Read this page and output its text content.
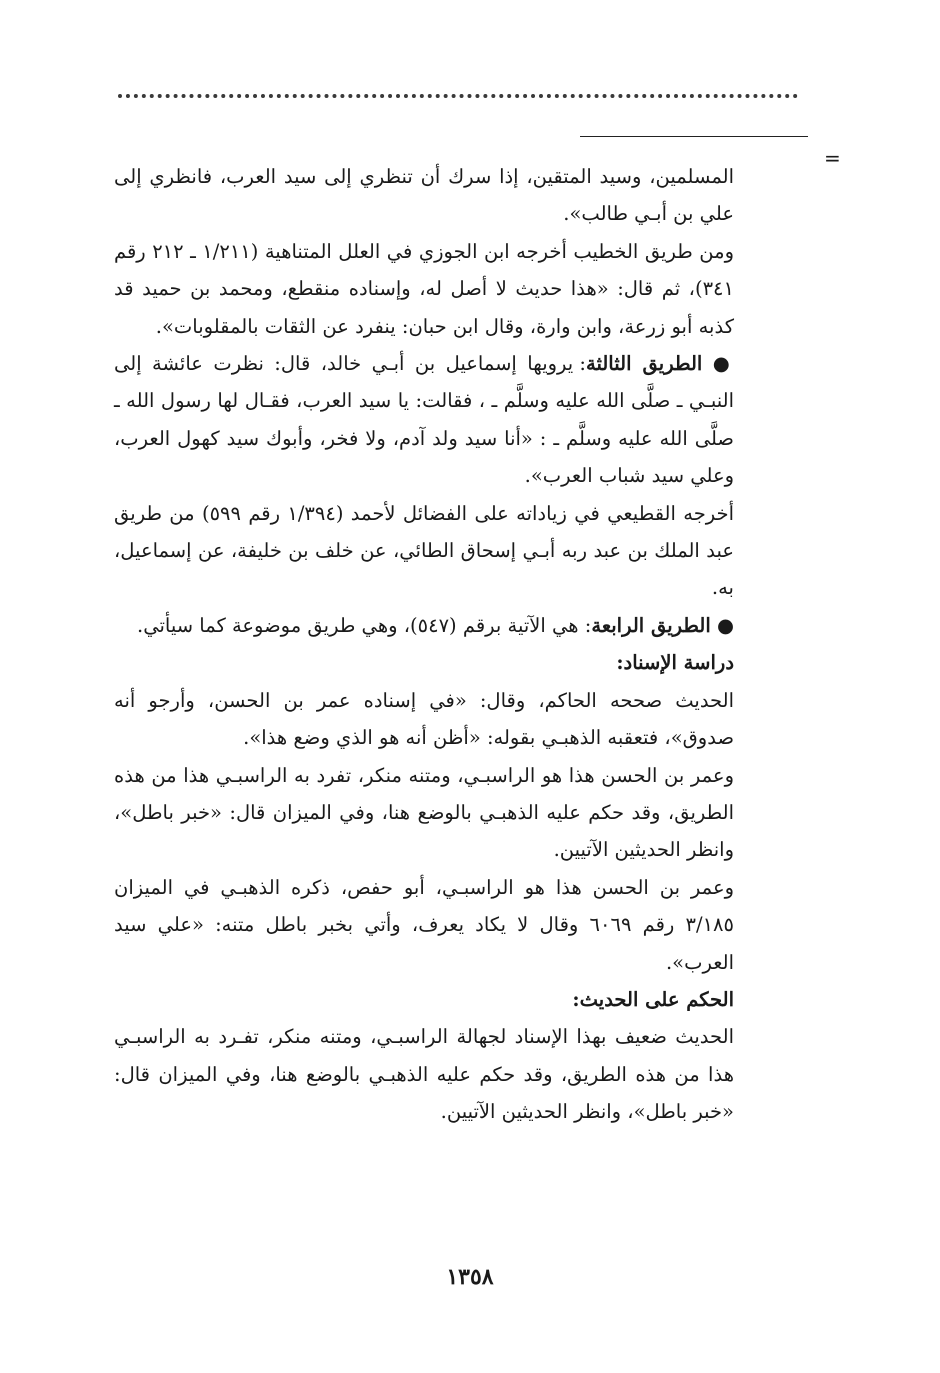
=

المسلمين، وسيد المتقين، إذا سرك أن تنظري إلى سيد العرب، فانظري إلى علي بن أبـي طالب».

ومن طريق الخطيب أخرجه ابن الجوزي في العلل المتناهية (١/٢١١ ـ ٢١٢ رقم ٣٤١)، ثم قال: «هذا حديث لا أصل له، وإسناده منقطع، ومحمد بن حميد قد كذبه أبو زرعة، وابن وارة، وقال ابن حبان: ينفرد عن الثقات بالمقلوبات».

● الطريق الثالثة: يرويها إسماعيل بن أبـي خالد، قال: نظرت عائشة إلى النبـي ـ صلَّى الله عليه وسلَّم ـ ، فقالت: يا سيد العرب، فقـال لها رسول الله ـ صلَّى الله عليه وسلَّم ـ : «أنا سيد ولد آدم، ولا فخر، وأبوك سيد كهول العرب، وعلي سيد شباب العرب».

أخرجه القطيعي في زياداته على الفضائل لأحمد (١/٣٩٤ رقم ٥٩٩) من طريق عبد الملك بن عبد ربه أبـي إسحاق الطائي، عن خلف بن خليفة، عن إسماعيل، به.

● الطريق الرابعة: هي الآتية برقم (٥٤٧)، وهي طريق موضوعة كما سيأتي.

دراسة الإسناد:

الحديث صححه الحاكم، وقال: «في إسناده عمر بن الحسن، وأرجو أنه صدوق»، فتعقبه الذهبـي بقوله: «أظن أنه هو الذي وضع هذا».

وعمر بن الحسن هذا هو الراسبـي، ومتنه منكر، تفرد به الراسبـي هذا من هذه الطريق، وقد حكم عليه الذهبـي بالوضع هنا، وفي الميزان قال: «خبر باطل»، وانظر الحديثين الآتيين.

وعمر بن الحسن هذا هو الراسبـي، أبو حفص، ذكره الذهبـي في الميزان ٣/١٨٥ رقم ٦٠٦٩ وقال لا يكاد يعرف، وأتي بخبر باطل متنه: «علي سيد العرب».

الحكم على الحديث:

الحديث ضعيف بهذا الإسناد لجهالة الراسبـي، ومتنه منكر، تفـرد به الراسبـي هذا من هذه الطريق، وقد حكم عليه الذهبـي بالوضع هنا، وفي الميزان قال: «خبر باطل»، وانظر الحديثين الآتيين.

١٣٥٨
